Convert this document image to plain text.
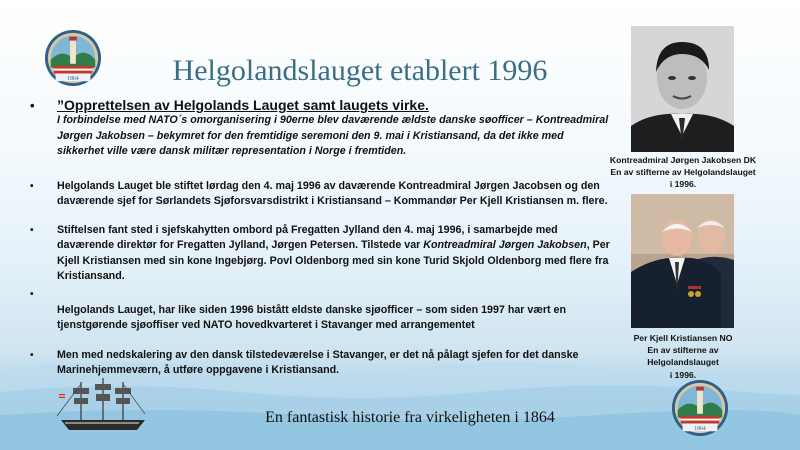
1864	Helgolandslauget etablert 1996
• ”Opprettelsen av Helgolands Lauget samt laugets virke.
I forbindelse med NATO´s omorganisering i 90erne blev daværende ældste danske søofficer – Kontreadmiral Jørgen Jakobsen – bekymret for den fremtidige seremoni den 9. mai i Kristiansand, da det ikke med sikkerhet ville være dansk militær representation i Norge i fremtiden.
• Helgolands Lauget ble stiftet lørdag den 4. maj 1996 av daværende Kontreadmiral Jørgen Jacobsen og den daværende sjef for Sørlandets Sjøforsvarsdistrikt i Kristiansand – Kommandør Per Kjell Kristiansen m. flere.
• Stiftelsen fant sted i sjefskahytten ombord på Fregatten Jylland den 4. maj 1996, i samarbejde med daværende direktør for Fregatten Jylland, Jørgen Petersen. Tilstede var Kontreadmiral Jørgen Jakobsen, Per Kjell Kristiansen med sin kone Ingebjørg. Povl Oldenborg med sin kone Turid Skjold Oldenborg med flere fra Kristiansand.
•
Helgolands Lauget, har like siden 1996 bistått eldste danske sjøofficer – som siden 1997 har vært en tjenstgørende sjøoffiser ved NATO hovedkvarteret i Stavanger med arrangementet
• Men med nedskalering av den dansk tilstedeværelse i Stavanger, er det nå pålagt sjefen for det danske Marinehjemmeværn, å utføre oppgavene i Kristiansand.
Kontreadmiral Jørgen Jakobsen DK
En av stifterne av Helgolandslauget
i 1996.
Per Kjell Kristiansen NO
En av stifterne av
Helgolandslauget
i 1996.
En fantastisk historie fra virkeligheten i 1864
1864
